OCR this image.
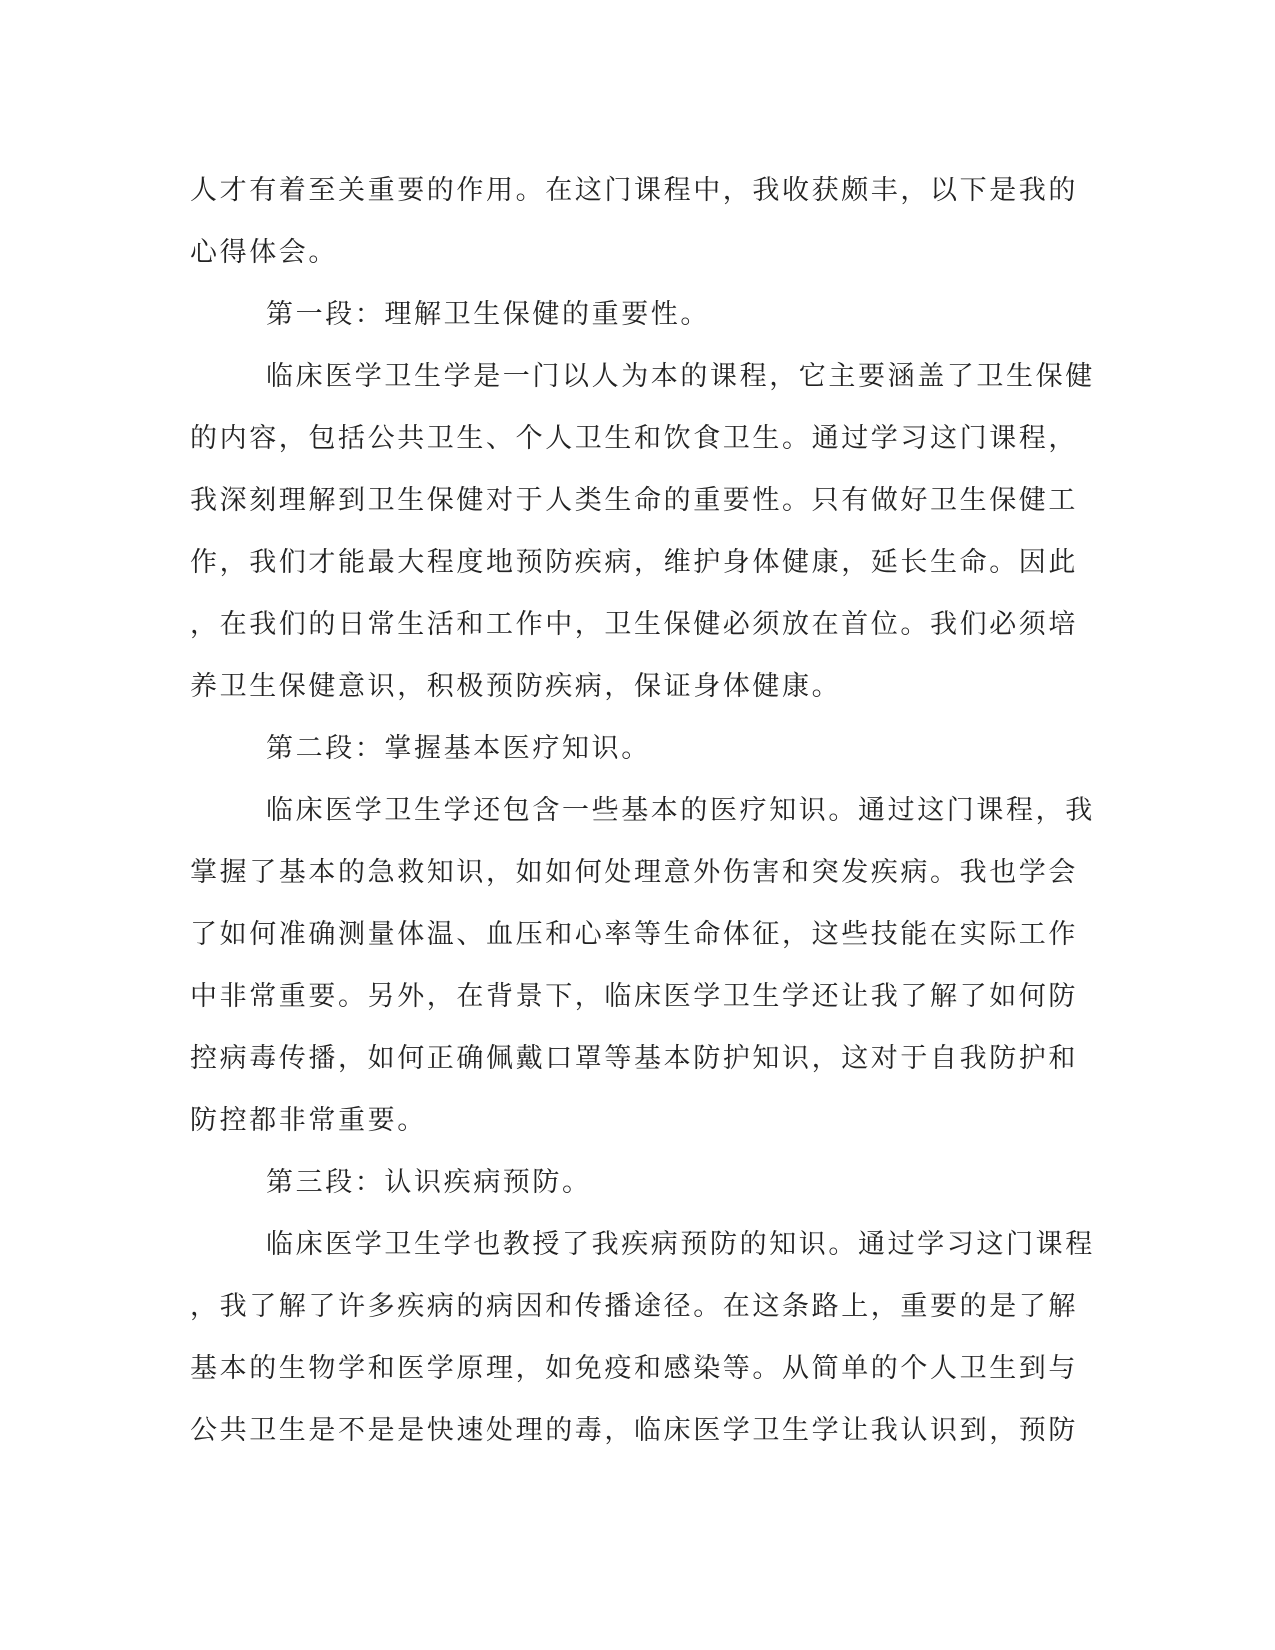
人才有着至关重要的作用。在这门课程中，我收获颇丰，以下是我的
心得体会。
第一段：理解卫生保健的重要性。
临床医学卫生学是一门以人为本的课程，它主要涵盖了卫生保健
的内容，包括公共卫生、个人卫生和饮食卫生。通过学习这门课程，
我深刻理解到卫生保健对于人类生命的重要性。只有做好卫生保健工
作，我们才能最大程度地预防疾病，维护身体健康，延长生命。因此
，在我们的日常生活和工作中，卫生保健必须放在首位。我们必须培
养卫生保健意识，积极预防疾病，保证身体健康。
第二段：掌握基本医疗知识。
临床医学卫生学还包含一些基本的医疗知识。通过这门课程，我
掌握了基本的急救知识，如如何处理意外伤害和突发疾病。我也学会
了如何准确测量体温、血压和心率等生命体征，这些技能在实际工作
中非常重要。另外，在背景下，临床医学卫生学还让我了解了如何防
控病毒传播，如何正确佩戴口罩等基本防护知识，这对于自我防护和
防控都非常重要。
第三段：认识疾病预防。
临床医学卫生学也教授了我疾病预防的知识。通过学习这门课程
，我了解了许多疾病的病因和传播途径。在这条路上，重要的是了解
基本的生物学和医学原理，如免疫和感染等。从简单的个人卫生到与
公共卫生是不是是快速处理的毒，临床医学卫生学让我认识到，预防
